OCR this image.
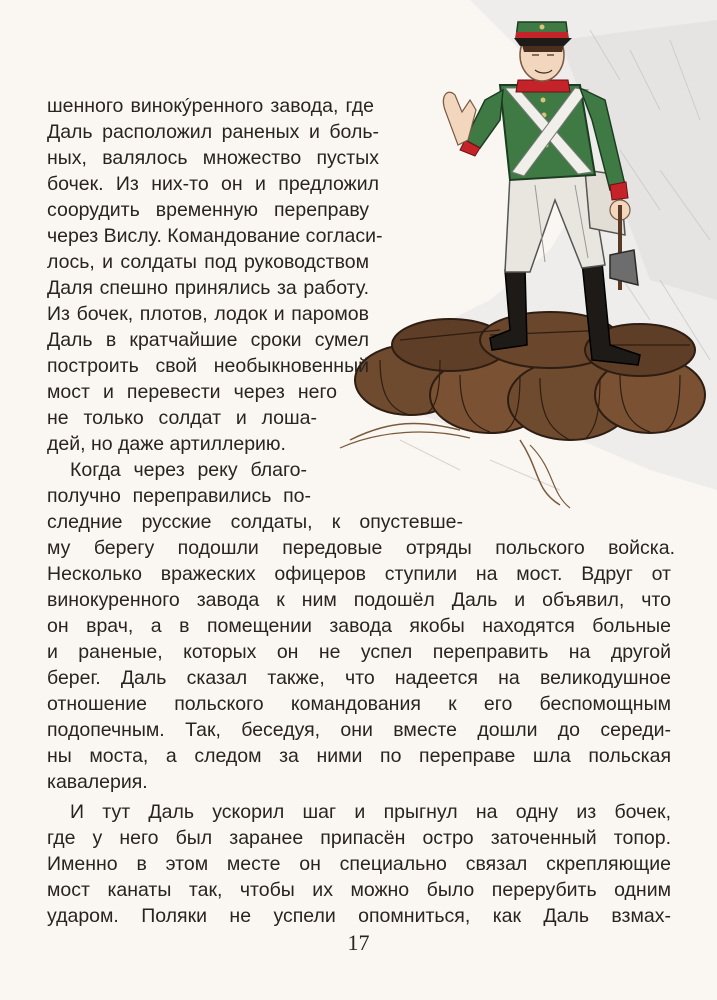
шенного винокýренного завода, где
Даль расположил раненых и боль-
ных, валялось множество пустых
бочек. Из них-то он и предложил
соорудить временную переправу
через Вислу. Командование согласи-
лось, и солдаты под руководством
Даля спешно принялись за работу.
Из бочек, плотов, лодок и паромов
Даль в кратчайшие сроки сумел
построить свой необыкновенный
мост и перевести через него
не только солдат и лоша-
дей, но даже артиллерию.
Когда через реку благо-
получно переправились по-
следние русские солдаты, к опустевше-
му берегу подошли передовые отряды польского войска.
Несколько вражеских офицеров ступили на мост. Вдруг от
винокуренного завода к ним подошёл Даль и объявил, что
он врач, а в помещении завода якобы находятся больные
и раненые, которых он не успел переправить на другой
берег. Даль сказал также, что надеется на великодушное
отношение польского командования к его беспомощным
подопечным. Так, беседуя, они вместе дошли до середи-
ны моста, а следом за ними по переправе шла польская
кавалерия.
И тут Даль ускорил шаг и прыгнул на одну из бочек,
где у него был заранее припасён остро заточенный топор.
Именно в этом месте он специально связал скрепляющие
мост канаты так, чтобы их можно было перерубить одним
ударом. Поляки не успели опомниться, как Даль взмах-
17
